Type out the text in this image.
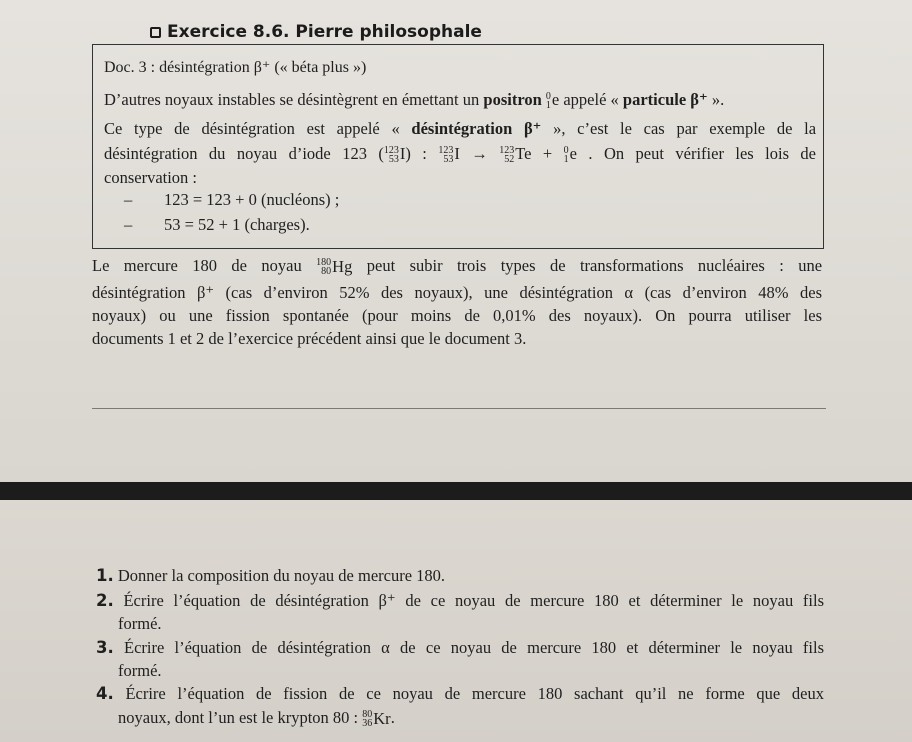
Exercice 8.6. Pierre philosophale
Doc. 3 : désintégration β⁺ (« béta plus »)
D’autres noyaux instables se désintègrent en émettant un positron 0
1 e appelé « particule β⁺ ».
Ce type de désintégration est appelé « désintégration β⁺ », c’est le cas par exemple de la
désintégration du noyau d’iode 123 ( 123
53 I) : 123
53 I → 123
52 Te + 0
1 e . On peut vérifier les lois de
conservation :
– 123 = 123 + 0 (nucléons) ;
– 53 = 52 + 1 (charges).
Le mercure 180 de noyau 180
80 Hg peut subir trois types de transformations nucléaires : une
désintégration β⁺ (cas d’environ 52% des noyaux), une désintégration α (cas d’environ 48% des
noyaux) ou une fission spontanée (pour moins de 0,01% des noyaux). On pourra utiliser les
documents 1 et 2 de l’exercice précédent ainsi que le document 3.
1. Donner la composition du noyau de mercure 180.
2. Écrire l’équation de désintégration β⁺ de ce noyau de mercure 180 et déterminer le noyau fils
formé.
3. Écrire l’équation de désintégration α de ce noyau de mercure 180 et déterminer le noyau fils
formé.
4. Écrire l’équation de fission de ce noyau de mercure 180 sachant qu’il ne forme que deux
noyaux, dont l’un est le krypton 80 : 80
36 Kr .
